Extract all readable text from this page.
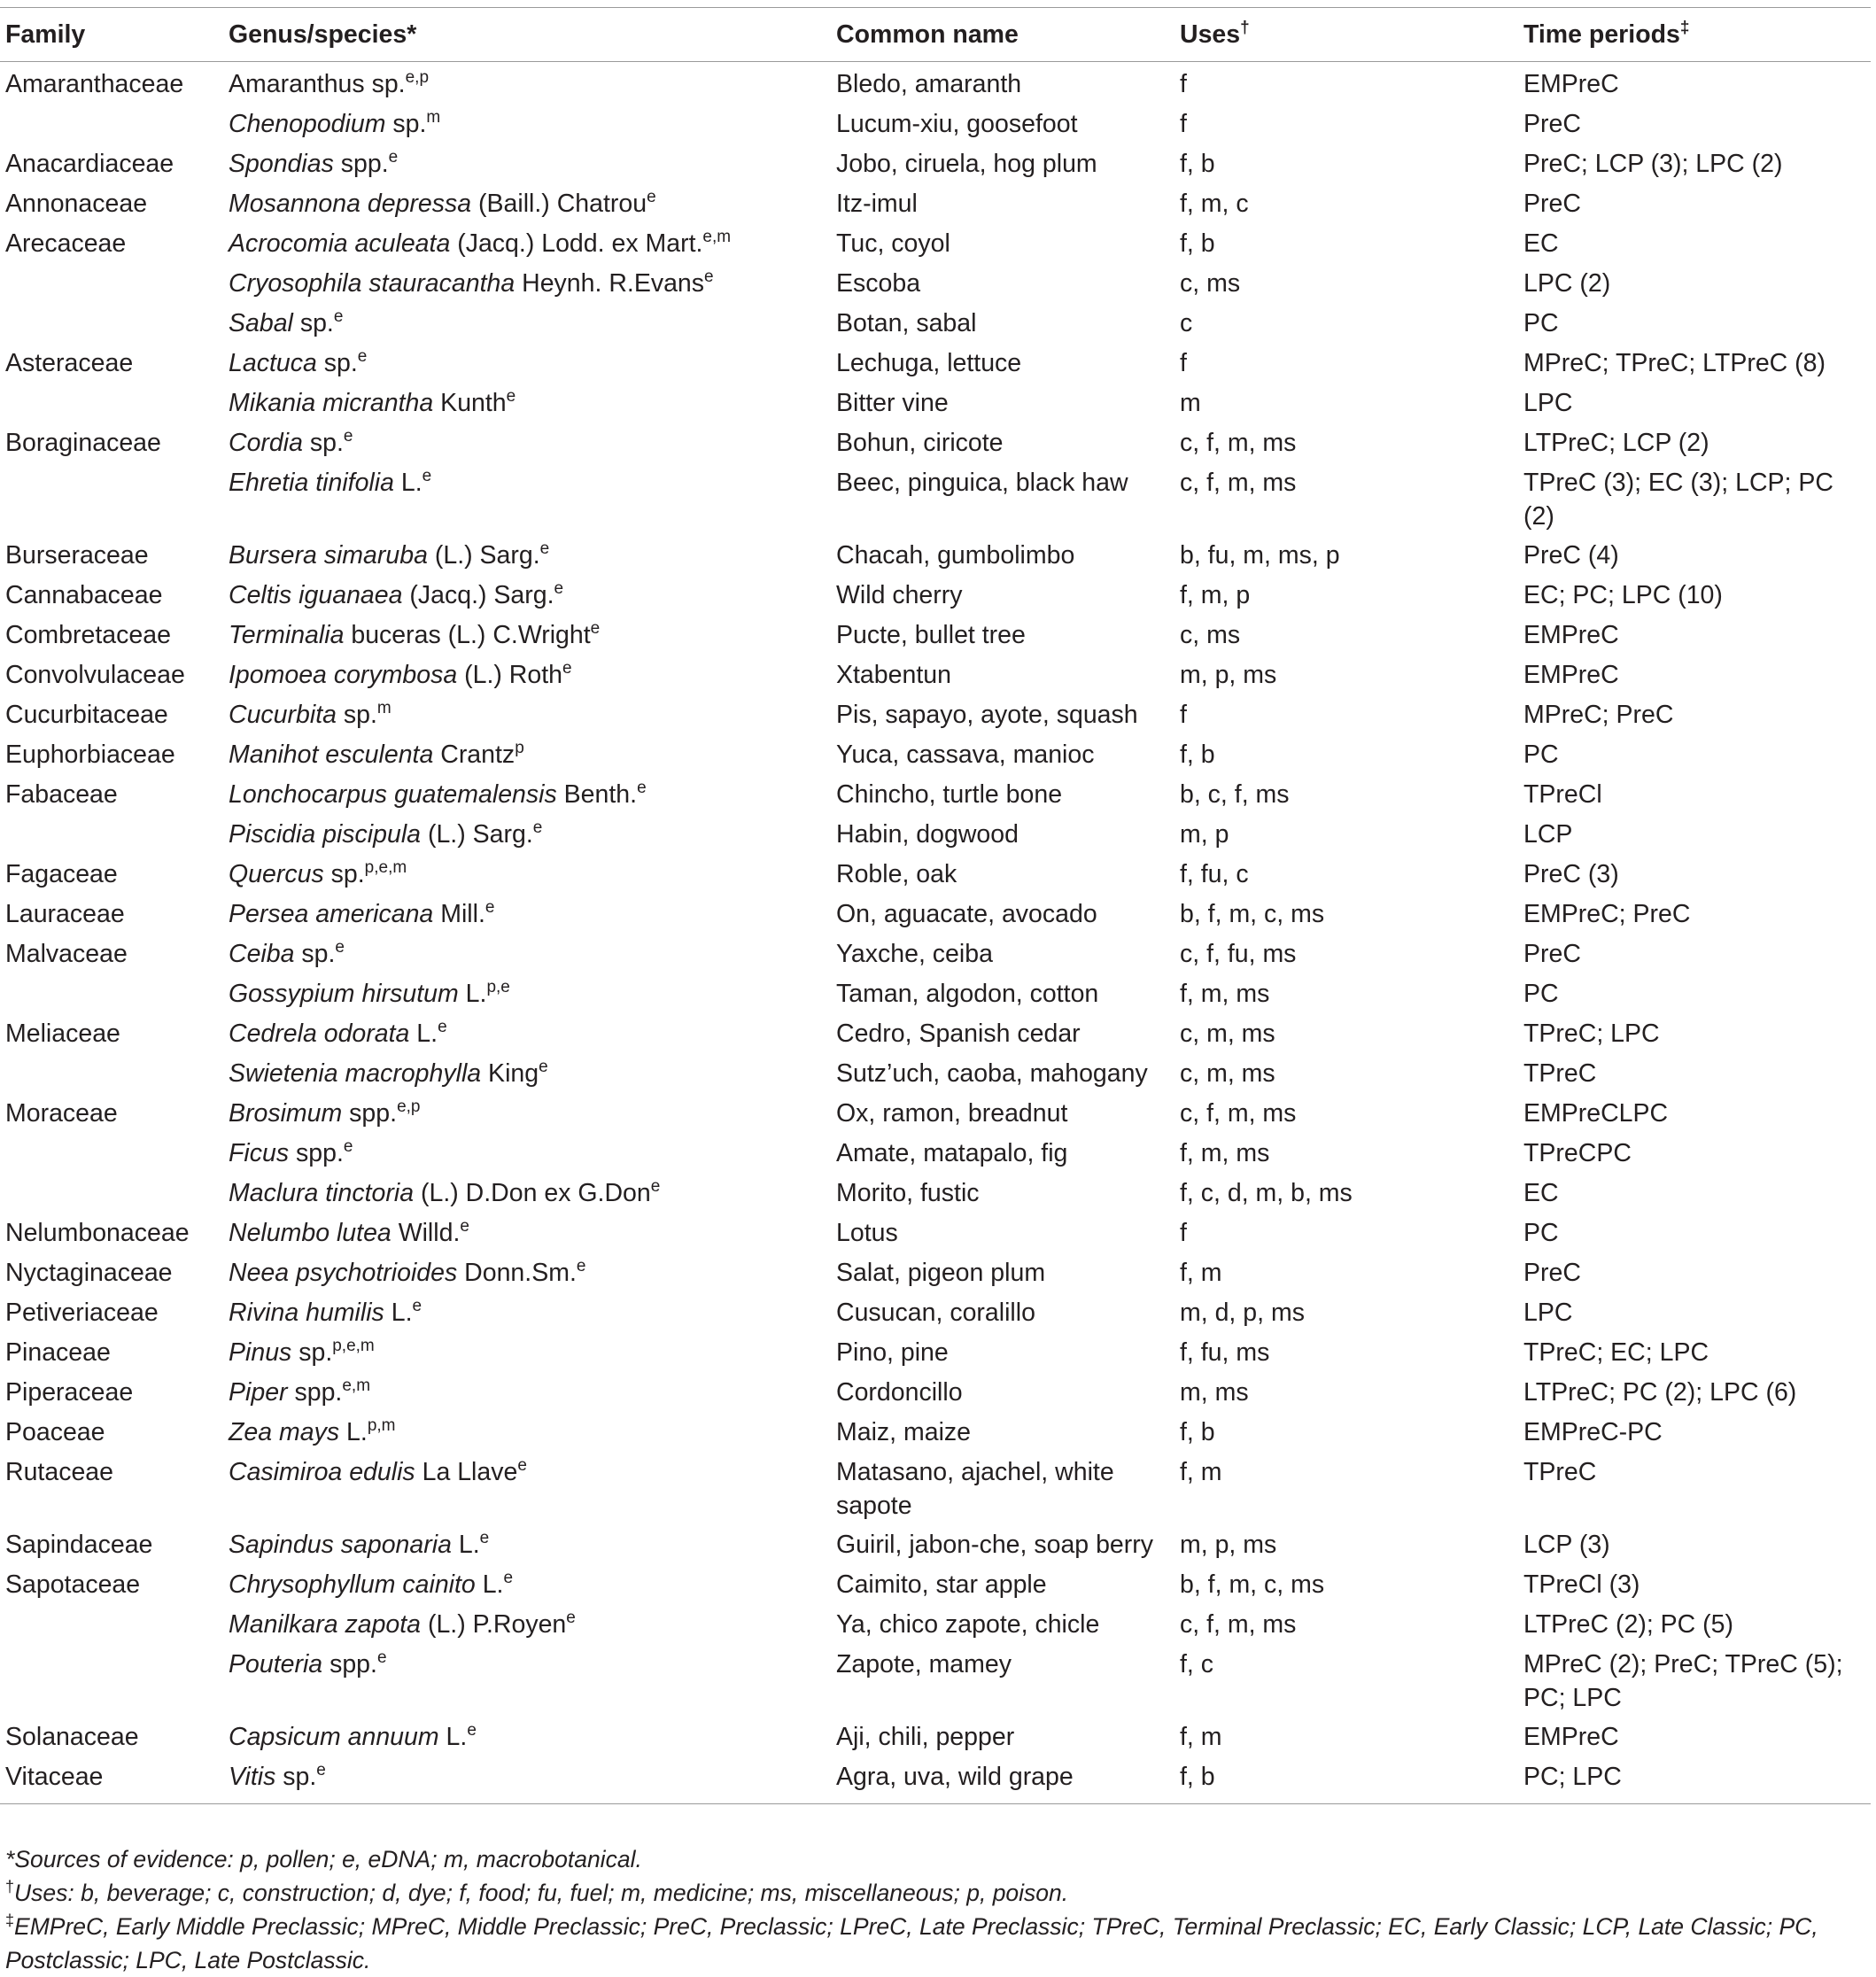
Family	Genus/species*	Common name	Uses†	Time periods‡
Amaranthaceae	Amaranthus sp.$^{e,p}$	Bledo, amaranth	f	EMPreC
	Chenopodium sp.$^m$	Lucum-xiu, goosefoot	f	PreC
Anacardiaceae	Spondias spp.$^e$	Jobo, ciruela, hog plum	f, b	PreC; LCP (3); LPC (2)
Annonaceae	Mosannona depressa (Baill.) Chatrou$^e$	Itz-imul	f, m, c	PreC
Arecaceae	Acrocomia aculeata (Jacq.) Lodd. ex Mart.$^{e,m}$	Tuc, coyol	f, b	EC
	Cryosophila stauracantha Heynh. R.Evans$^e$	Escoba	c, ms	LPC (2)
	Sabal sp.$^e$	Botan, sabal	c	PC
Asteraceae	Lactuca sp.$^e$	Lechuga, lettuce	f	MPreC; TPreC; LTPreC (8)
	Mikania micrantha Kunth$^e$	Bitter vine	m	LPC
Boraginaceae	Cordia sp.$^e$	Bohun, ciricote	c, f, m, ms	LTPreC; LCP (2)
	Ehretia tinifolia L.$^e$	Beec, pinguica, black haw	c, f, m, ms	TPreC (3); EC (3); LCP; PC (2)
Burseraceae	Bursera simaruba (L.) Sarg.$^e$	Chacah, gumbolimbo	b, fu, m, ms, p	PreC (4)
Cannabaceae	Celtis iguanaea (Jacq.) Sarg.$^e$	Wild cherry	f, m, p	EC; PC; LPC (10)
Combretaceae	Terminalia buceras (L.) C.Wright$^e$	Pucte, bullet tree	c, ms	EMPreC
Convolvulaceae	Ipomoea corymbosa (L.) Roth$^e$	Xtabentun	m, p, ms	EMPreC
Cucurbitaceae	Cucurbita sp.$^m$	Pis, sapayo, ayote, squash	f	MPreC; PreC
Euphorbiaceae	Manihot esculenta Crantz$^p$	Yuca, cassava, manioc	f, b	PC
Fabaceae	Lonchocarpus guatemalensis Benth.$^e$	Chincho, turtle bone	b, c, f, ms	TPreCl
	Piscidia piscipula (L.) Sarg.$^e$	Habin, dogwood	m, p	LCP
Fagaceae	Quercus sp.$^{p,e,m}$	Roble, oak	f, fu, c	PreC (3)
Lauraceae	Persea americana Mill.$^e$	On, aguacate, avocado	b, f, m, c, ms	EMPreC; PreC
Malvaceae	Ceiba sp.$^e$	Yaxche, ceiba	c, f, fu, ms	PreC
	Gossypium hirsutum L.$^{p,e}$	Taman, algodon, cotton	f, m, ms	PC
Meliaceae	Cedrela odorata L.$^e$	Cedro, Spanish cedar	c, m, ms	TPreC; LPC
	Swietenia macrophylla King$^e$	Sutz’uch, caoba, mahogany	c, m, ms	TPreC
Moraceae	Brosimum spp.$^{e,p}$	Ox, ramon, breadnut	c, f, m, ms	EMPreCLPC
	Ficus spp.$^e$	Amate, matapalo, fig	f, m, ms	TPreCPC
	Maclura tinctoria (L.) D.Don ex G.Don$^e$	Morito, fustic	f, c, d, m, b, ms	EC
Nelumbonaceae	Nelumbo lutea Willd.$^e$	Lotus	f	PC
Nyctaginaceae	Neea psychotrioides Donn.Sm.$^e$	Salat, pigeon plum	f, m	PreC
Petiveriaceae	Rivina humilis L.$^e$	Cusucan, coralillo	m, d, p, ms	LPC
Pinaceae	Pinus sp.$^{p,e,m}$	Pino, pine	f, fu, ms	TPreC; EC; LPC
Piperaceae	Piper spp.$^{e,m}$	Cordoncillo	m, ms	LTPreC; PC (2); LPC (6)
Poaceae	Zea mays L.$^{p,m}$	Maiz, maize	f, b	EMPreC-PC
Rutaceae	Casimiroa edulis La Llave$^e$	Matasano, ajachel, white sapote	f, m	TPreC
Sapindaceae	Sapindus saponaria L.$^e$	Guiril, jabon-che, soap berry	m, p, ms	LCP (3)
Sapotaceae	Chrysophyllum cainito L.$^e$	Caimito, star apple	b, f, m, c, ms	TPreCl (3)
	Manilkara zapota (L.) P.Royen$^e$	Ya, chico zapote, chicle	c, f, m, ms	LTPreC (2); PC (5)
	Pouteria spp.$^e$	Zapote, mamey	f, c	MPreC (2); PreC; TPreC (5); PC; LPC
Solanaceae	Capsicum annuum L.$^e$	Aji, chili, pepper	f, m	EMPreC
Vitaceae	Vitis sp.$^e$	Agra, uva, wild grape	f, b	PC; LPC
*Sources of evidence: p, pollen; e, eDNA; m, macrobotanical.
†Uses: b, beverage; c, construction; d, dye; f, food; fu, fuel; m, medicine; ms, miscellaneous; p, poison.
‡EMPreC, Early Middle Preclassic; MPreC, Middle Preclassic; PreC, Preclassic; LPreC, Late Preclassic; TPreC, Terminal Preclassic; EC, Early Classic; LCP, Late Classic; PC, Postclassic; LPC, Late Postclassic.
